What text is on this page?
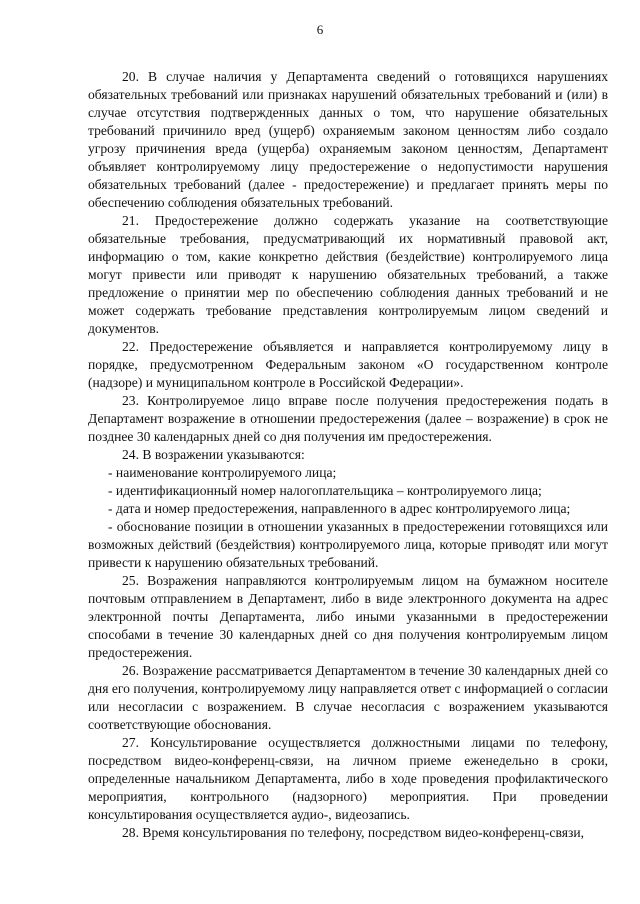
6

20. В случае наличия у Департамента сведений о готовящихся нарушениях обязательных требований или признаках нарушений обязательных требований и (или) в случае отсутствия подтвержденных данных о том, что нарушение обязательных требований причинило вред (ущерб) охраняемым законом ценностям либо создало угрозу причинения вреда (ущерба) охраняемым законом ценностям, Департамент объявляет контролируемому лицу предостережение о недопустимости нарушения обязательных требований (далее - предостережение) и предлагает принять меры по обеспечению соблюдения обязательных требований.

21. Предостережение должно содержать указание на соответствующие обязательные требования, предусматривающий их нормативный правовой акт, информацию о том, какие конкретно действия (бездействие) контролируемого лица могут привести или приводят к нарушению обязательных требований, а также предложение о принятии мер по обеспечению соблюдения данных требований и не может содержать требование представления контролируемым лицом сведений и документов.

22. Предостережение объявляется и направляется контролируемому лицу в порядке, предусмотренном Федеральным законом «О государственном контроле (надзоре) и муниципальном контроле в Российской Федерации».

23. Контролируемое лицо вправе после получения предостережения подать в Департамент возражение в отношении предостережения (далее – возражение) в срок не позднее 30 календарных дней со дня получения им предостережения.

24. В возражении указываются:

- наименование контролируемого лица;

- идентификационный номер налогоплательщика – контролируемого лица;

- дата и номер предостережения, направленного в адрес контролируемого лица;

- обоснование позиции в отношении указанных в предостережении готовящихся или возможных действий (бездействия) контролируемого лица, которые приводят или могут привести к нарушению обязательных требований.

25. Возражения направляются контролируемым лицом на бумажном носителе почтовым отправлением в Департамент, либо в виде электронного документа на адрес электронной почты Департамента, либо иными указанными в предостережении способами в течение 30 календарных дней со дня получения контролируемым лицом предостережения.

26. Возражение рассматривается Департаментом в течение 30 календарных дней со дня его получения, контролируемому лицу направляется ответ с информацией о согласии или несогласии с возражением. В случае несогласия с возражением указываются соответствующие обоснования.

27. Консультирование осуществляется должностными лицами по телефону, посредством видео-конференц-связи, на личном приеме еженедельно в сроки, определенные начальником Департамента, либо в ходе проведения профилактического мероприятия, контрольного (надзорного) мероприятия. При проведении консультирования осуществляется аудио-, видеозапись.

28. Время консультирования по телефону, посредством видео-конференц-связи,
